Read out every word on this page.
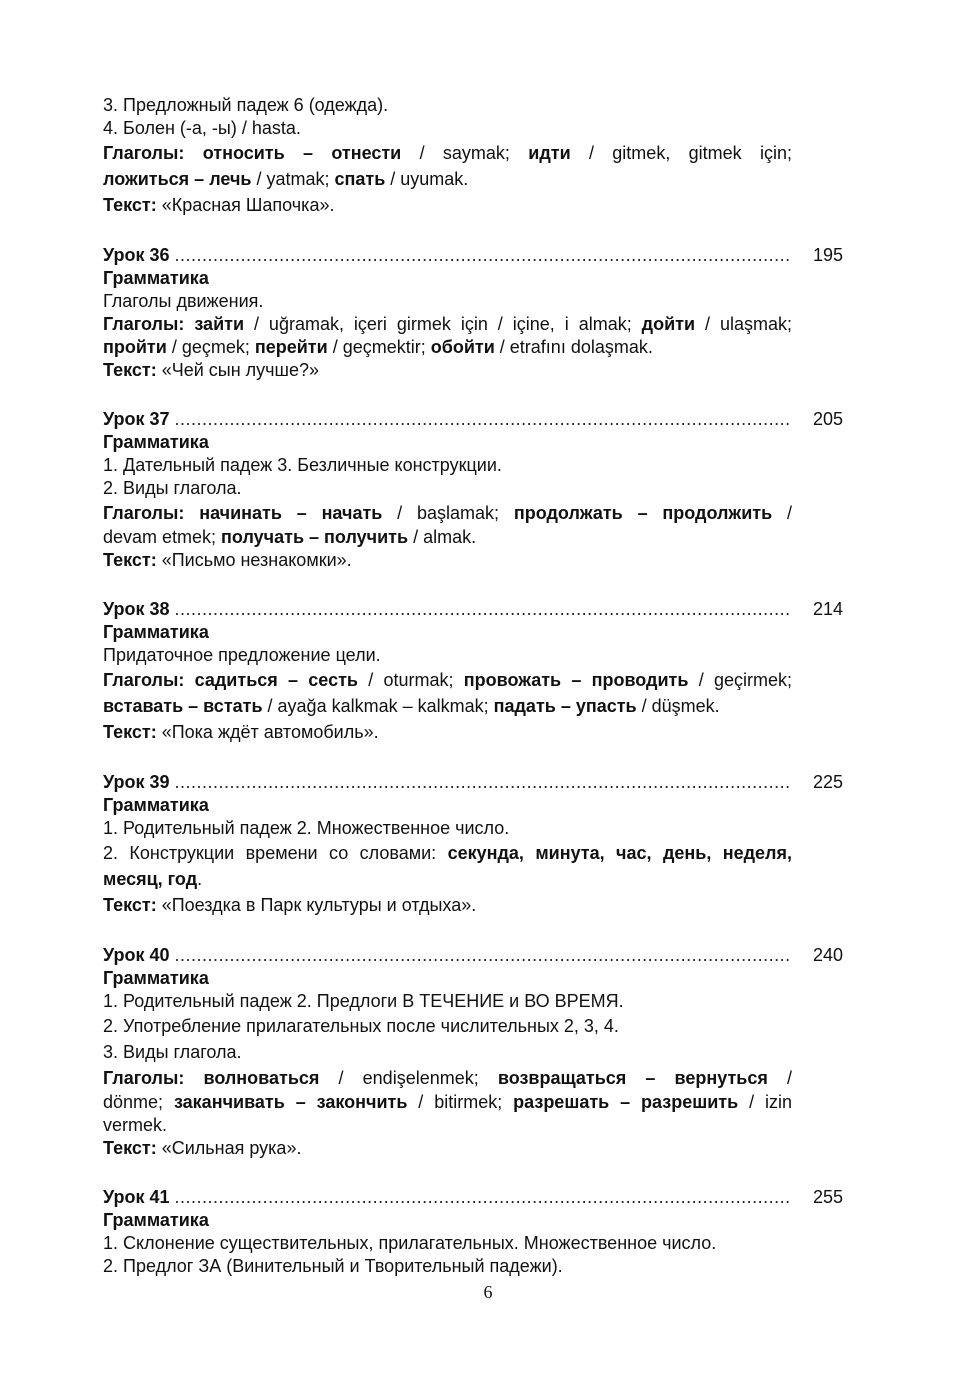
3. Предложный падеж 6 (одежда).
4. Болен (-а, -ы) / hasta.
Глаголы: относить – отнести / saymak; идти / gitmek, gitmek için;
ложиться – лечь / yatmak; спать / uyumak.
Текст: «Красная Шапочка».
Урок 36 .....	195
Грамматика
Глаголы движения.
Глаголы: зайти / uğramak, içeri girmek için / içine, i almak; дойти / ulaşmak;
пройти / geçmek; перейти / geçmektir; обойти / etrafını dolaşmak.
Текст: «Чей сын лучше?»
Урок 37 .....	205
Грамматика
1. Дательный падеж 3. Безличные конструкции.
2. Виды глагола.
Глаголы: начинать – начать / başlamak; продолжать – продолжить /
devam etmek; получать – получить / almak.
Текст: «Письмо незнакомки».
Урок 38 .....	214
Грамматика
Придаточное предложение цели.
Глаголы: садиться – сесть / oturmak; провожать – проводить / geçirmek;
вставать – встать / ayağa kalkmak – kalkmak; падать – упасть / düşmek.
Текст: «Пока ждёт автомобиль».
Урок 39 .....	225
Грамматика
1. Родительный падеж 2. Множественное число.
2. Конструкции времени со словами: секунда, минута, час, день, неделя,
месяц, год.
Текст: «Поездка в Парк культуры и отдыха».
Урок 40 .....	240
Грамматика
1. Родительный падеж 2. Предлоги В ТЕЧЕНИЕ и ВО ВРЕМЯ.
2. Употребление прилагательных после числительных 2, 3, 4.
3. Виды глагола.
Глаголы: волноваться / endişelenmek; возвращаться – вернуться /
dönme; заканчивать – закончить / bitirmek; разрешать – разрешить / izin
vermek.
Текст: «Сильная рука».
Урок 41 .....	255
Грамматика
1. Склонение существительных, прилагательных. Множественное число.
2. Предлог ЗА (Винительный и Творительный падежи).
6
